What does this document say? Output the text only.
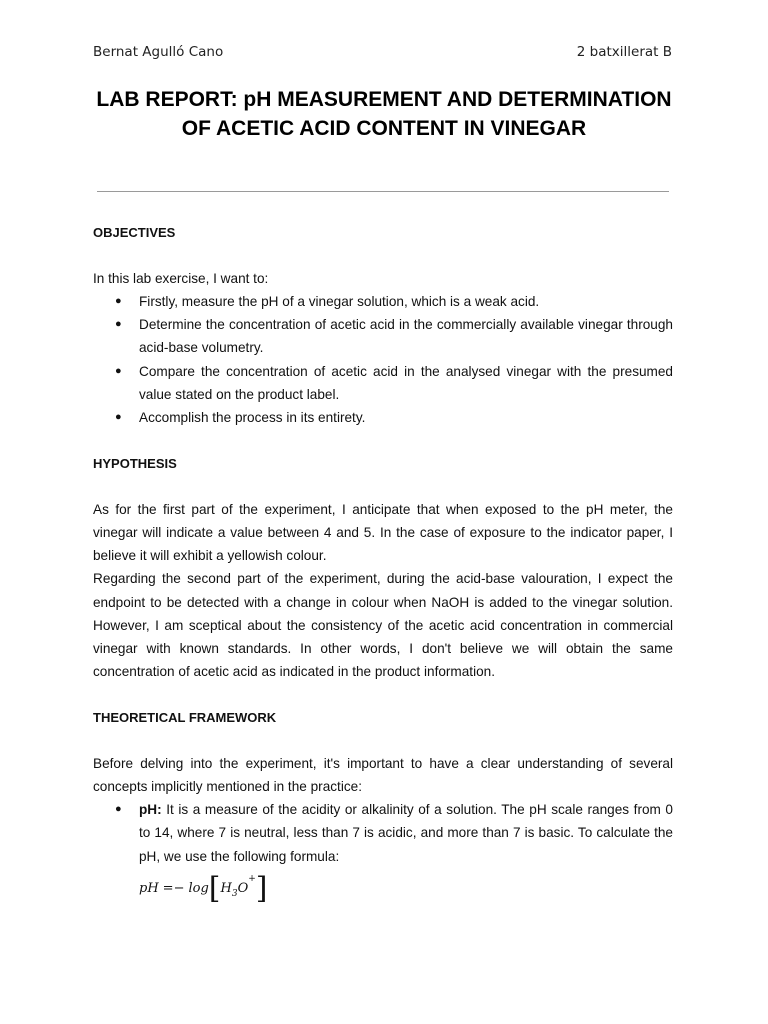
Bernat Agulló Cano	2 batxillerat B
LAB REPORT: pH MEASUREMENT AND DETERMINATION OF ACETIC ACID CONTENT IN VINEGAR
OBJECTIVES

In this lab exercise, I want to:

● Firstly, measure the pH of a vinegar solution, which is a weak acid.
● Determine the concentration of acetic acid in the commercially available vinegar through acid-base volumetry.
● Compare the concentration of acetic acid in the analysed vinegar with the presumed value stated on the product label.
● Accomplish the process in its entirety.
HYPOTHESIS

As for the first part of the experiment, I anticipate that when exposed to the pH meter, the vinegar will indicate a value between 4 and 5. In the case of exposure to the indicator paper, I believe it will exhibit a yellowish colour.

Regarding the second part of the experiment, during the acid-base valouration, I expect the endpoint to be detected with a change in colour when NaOH is added to the vinegar solution. However, I am sceptical about the consistency of the acetic acid concentration in commercial vinegar with known standards. In other words, I don't believe we will obtain the same concentration of acetic acid as indicated in the product information.

THEORETICAL FRAMEWORK

Before delving into the experiment, it's important to have a clear understanding of several concepts implicitly mentioned in the practice:

● pH: It is a measure of the acidity or alkalinity of a solution. The pH scale ranges from 0 to 14, where 7 is neutral, less than 7 is acidic, and more than 7 is basic. To calculate the pH, we use the following formula:
pH =− log [ H 3 O
+ ]
